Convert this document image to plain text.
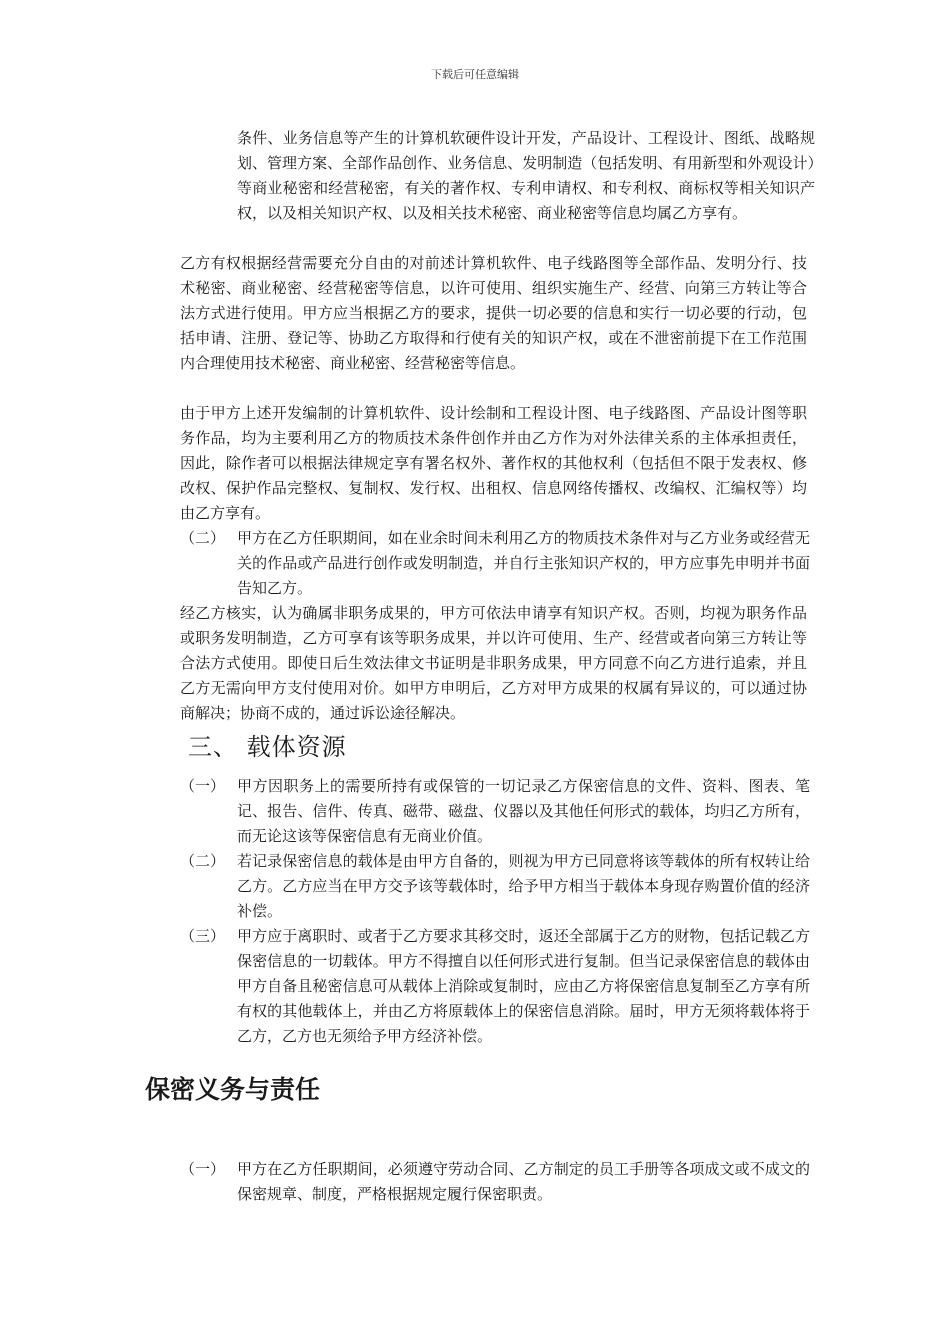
下载后可任意编辑

条件、业务信息等产生的计算机软硬件设计开发，产品设计、工程设计、图纸、战略规划、管理方案、全部作品创作、业务信息、发明制造（包括发明、有用新型和外观设计）等商业秘密和经营秘密，有关的著作权、专利申请权、和专利权、商标权等相关知识产权，以及相关知识产权、以及相关技术秘密、商业秘密等信息均属乙方享有。

乙方有权根据经营需要充分自由的对前述计算机软件、电子线路图等全部作品、发明分行、技术秘密、商业秘密、经营秘密等信息，以许可使用、组织实施生产、经营、向第三方转让等合法方式进行使用。甲方应当根据乙方的要求，提供一切必要的信息和实行一切必要的行动，包括申请、注册、登记等、协助乙方取得和行使有关的知识产权，或在不泄密前提下在工作范围内合理使用技术秘密、商业秘密、经营秘密等信息。

由于甲方上述开发编制的计算机软件、设计绘制和工程设计图、电子线路图、产品设计图等职务作品，均为主要利用乙方的物质技术条件创作并由乙方作为对外法律关系的主体承担责任，因此，除作者可以根据法律规定享有署名权外、著作权的其他权利（包括但不限于发表权、修改权、保护作品完整权、复制权、发行权、出租权、信息网络传播权、改编权、汇编权等）均由乙方享有。

（二） 甲方在乙方任职期间，如在业余时间未利用乙方的物质技术条件对与乙方业务或经营无关的作品或产品进行创作或发明制造，并自行主张知识产权的，甲方应事先申明并书面告知乙方。

经乙方核实，认为确属非职务成果的，甲方可依法申请享有知识产权。否则，均视为职务作品或职务发明制造，乙方可享有该等职务成果，并以许可使用、生产、经营或者向第三方转让等合法方式使用。即使日后生效法律文书证明是非职务成果，甲方同意不向乙方进行追索，并且乙方无需向甲方支付使用对价。如甲方申明后，乙方对甲方成果的权属有异议的，可以通过协商解决；协商不成的，通过诉讼途径解决。

三、 载体资源
（一） 甲方因职务上的需要所持有或保管的一切记录乙方保密信息的文件、资料、图表、笔记、报告、信件、传真、磁带、磁盘、仪器以及其他任何形式的载体，均归乙方所有，而无论这该等保密信息有无商业价值。

（二） 若记录保密信息的载体是由甲方自备的，则视为甲方已同意将该等载体的所有权转让给乙方。乙方应当在甲方交予该等载体时，给予甲方相当于载体本身现存购置价值的经济补偿。

（三） 甲方应于离职时、或者于乙方要求其移交时，返还全部属于乙方的财物，包括记载乙方保密信息的一切载体。甲方不得擅自以任何形式进行复制。但当记录保密信息的载体由甲方自备且秘密信息可从载体上消除或复制时，应由乙方将保密信息复制至乙方享有所有权的其他载体上，并由乙方将原载体上的保密信息消除。届时，甲方无须将载体将于乙方，乙方也无须给予甲方经济补偿。

保密义务与责任
（一） 甲方在乙方任职期间，必须遵守劳动合同、乙方制定的员工手册等各项成文或不成文的保密规章、制度，严格根据规定履行保密职责。
